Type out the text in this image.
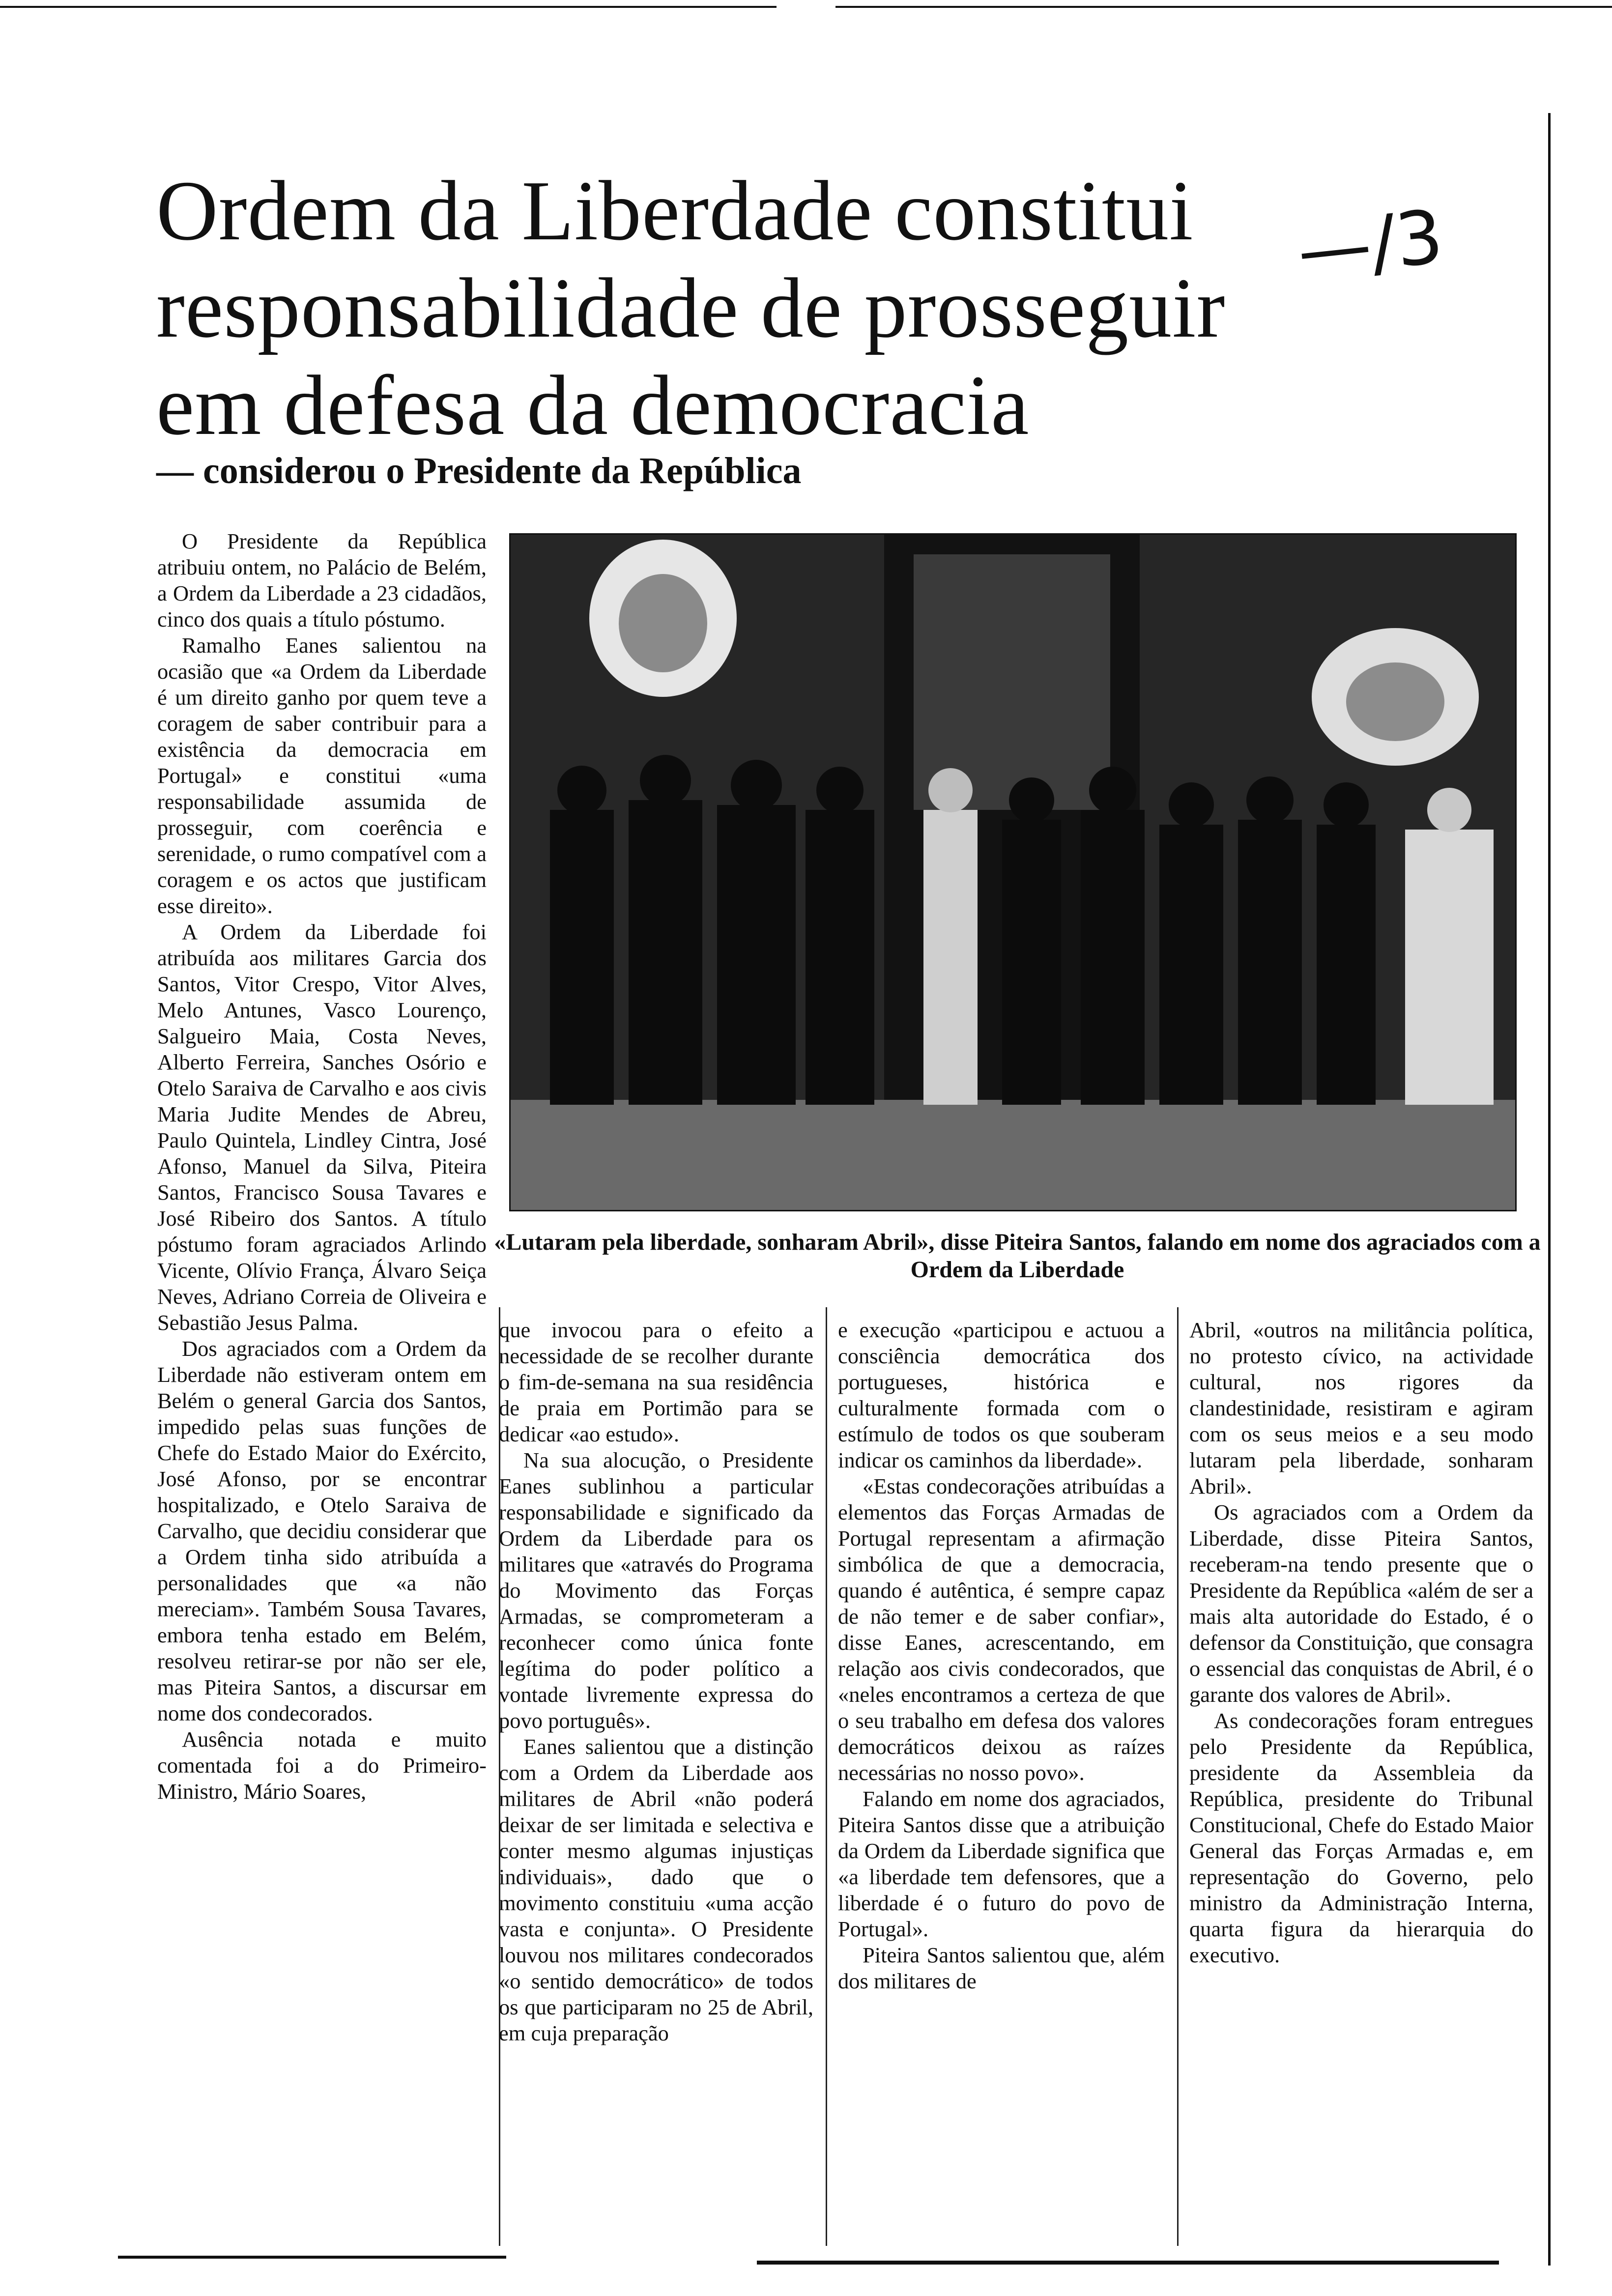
Ordem da Liberdade constitui
responsabilidade de prosseguir
em defesa da democracia
—/3
— considerou o Presidente da República

«Lutaram pela liberdade, sonharam Abril», disse Piteira Santos, falando em nome dos agraciados com a Ordem da Liberdade

O Presidente da República atribuiu ontem, no Palácio de Belém, a Ordem da Liberdade a 23 cidadãos, cinco dos quais a título póstumo.

Ramalho Eanes salientou na ocasião que «a Ordem da Liberdade é um direito ganho por quem teve a coragem de saber contribuir para a existência da democracia em Portugal» e constitui «uma responsabilidade assumida de prosseguir, com coerência e serenidade, o rumo compatível com a coragem e os actos que justificam esse direito».

A Ordem da Liberdade foi atribuída aos militares Garcia dos Santos, Vitor Crespo, Vitor Alves, Melo Antunes, Vasco Lourenço, Salgueiro Maia, Costa Neves, Alberto Ferreira, Sanches Osório e Otelo Saraiva de Carvalho e aos civis Maria Judite Mendes de Abreu, Paulo Quintela, Lindley Cintra, José Afonso, Manuel da Silva, Piteira Santos, Francisco Sousa Tavares e José Ribeiro dos Santos. A título póstumo foram agraciados Arlindo Vicente, Olívio França, Álvaro Seiça Neves, Adriano Correia de Oliveira e Sebastião Jesus Palma.

Dos agraciados com a Ordem da Liberdade não estiveram ontem em Belém o general Garcia dos Santos, impedido pelas suas funções de Chefe do Estado Maior do Exército, José Afonso, por se encontrar hospitalizado, e Otelo Saraiva de Carvalho, que decidiu considerar que a Ordem tinha sido atribuída a personalidades que «a não mereciam». Também Sousa Tavares, embora tenha estado em Belém, resolveu retirar-se por não ser ele, mas Piteira Santos, a discursar em nome dos condecorados.

Ausência notada e muito comentada foi a do Primeiro-Ministro, Mário Soares,

que invocou para o efeito a necessidade de se recolher durante o fim-de-semana na sua residência de praia em Portimão para se dedicar «ao estudo».

Na sua alocução, o Presidente Eanes sublinhou a particular responsabilidade e significado da Ordem da Liberdade para os militares que «através do Programa do Movimento das Forças Armadas, se comprometeram a reconhecer como única fonte legítima do poder político a vontade livremente expressa do povo português».

Eanes salientou que a distinção com a Ordem da Liberdade aos militares de Abril «não poderá deixar de ser limitada e selectiva e conter mesmo algumas injustiças individuais», dado que o movimento constituiu «uma acção vasta e conjunta». O Presidente louvou nos militares condecorados «o sentido democrático» de todos os que participaram no 25 de Abril, em cuja preparação

e execução «participou e actuou a consciência democrática dos portugueses, histórica e culturalmente formada com o estímulo de todos os que souberam indicar os caminhos da liberdade».

«Estas condecorações atribuídas a elementos das Forças Armadas de Portugal representam a afirmação simbólica de que a democracia, quando é autêntica, é sempre capaz de não temer e de saber confiar», disse Eanes, acrescentando, em relação aos civis condecorados, que «neles encontramos a certeza de que o seu trabalho em defesa dos valores democráticos deixou as raízes necessárias no nosso povo».

Falando em nome dos agraciados, Piteira Santos disse que a atribuição da Ordem da Liberdade significa que «a liberdade tem defensores, que a liberdade é o futuro do povo de Portugal».

Piteira Santos salientou que, além dos militares de

Abril, «outros na militância política, no protesto cívico, na actividade cultural, nos rigores da clandestinidade, resistiram e agiram com os seus meios e a seu modo lutaram pela liberdade, sonharam Abril».

Os agraciados com a Ordem da Liberdade, disse Piteira Santos, receberam-na tendo presente que o Presidente da República «além de ser a mais alta autoridade do Estado, é o defensor da Constituição, que consagra o essencial das conquistas de Abril, é o garante dos valores de Abril».

As condecorações foram entregues pelo Presidente da República, presidente da Assembleia da República, presidente do Tribunal Constitucional, Chefe do Estado Maior General das Forças Armadas e, em representação do Governo, pelo ministro da Administração Interna, quarta figura da hierarquia do executivo.
